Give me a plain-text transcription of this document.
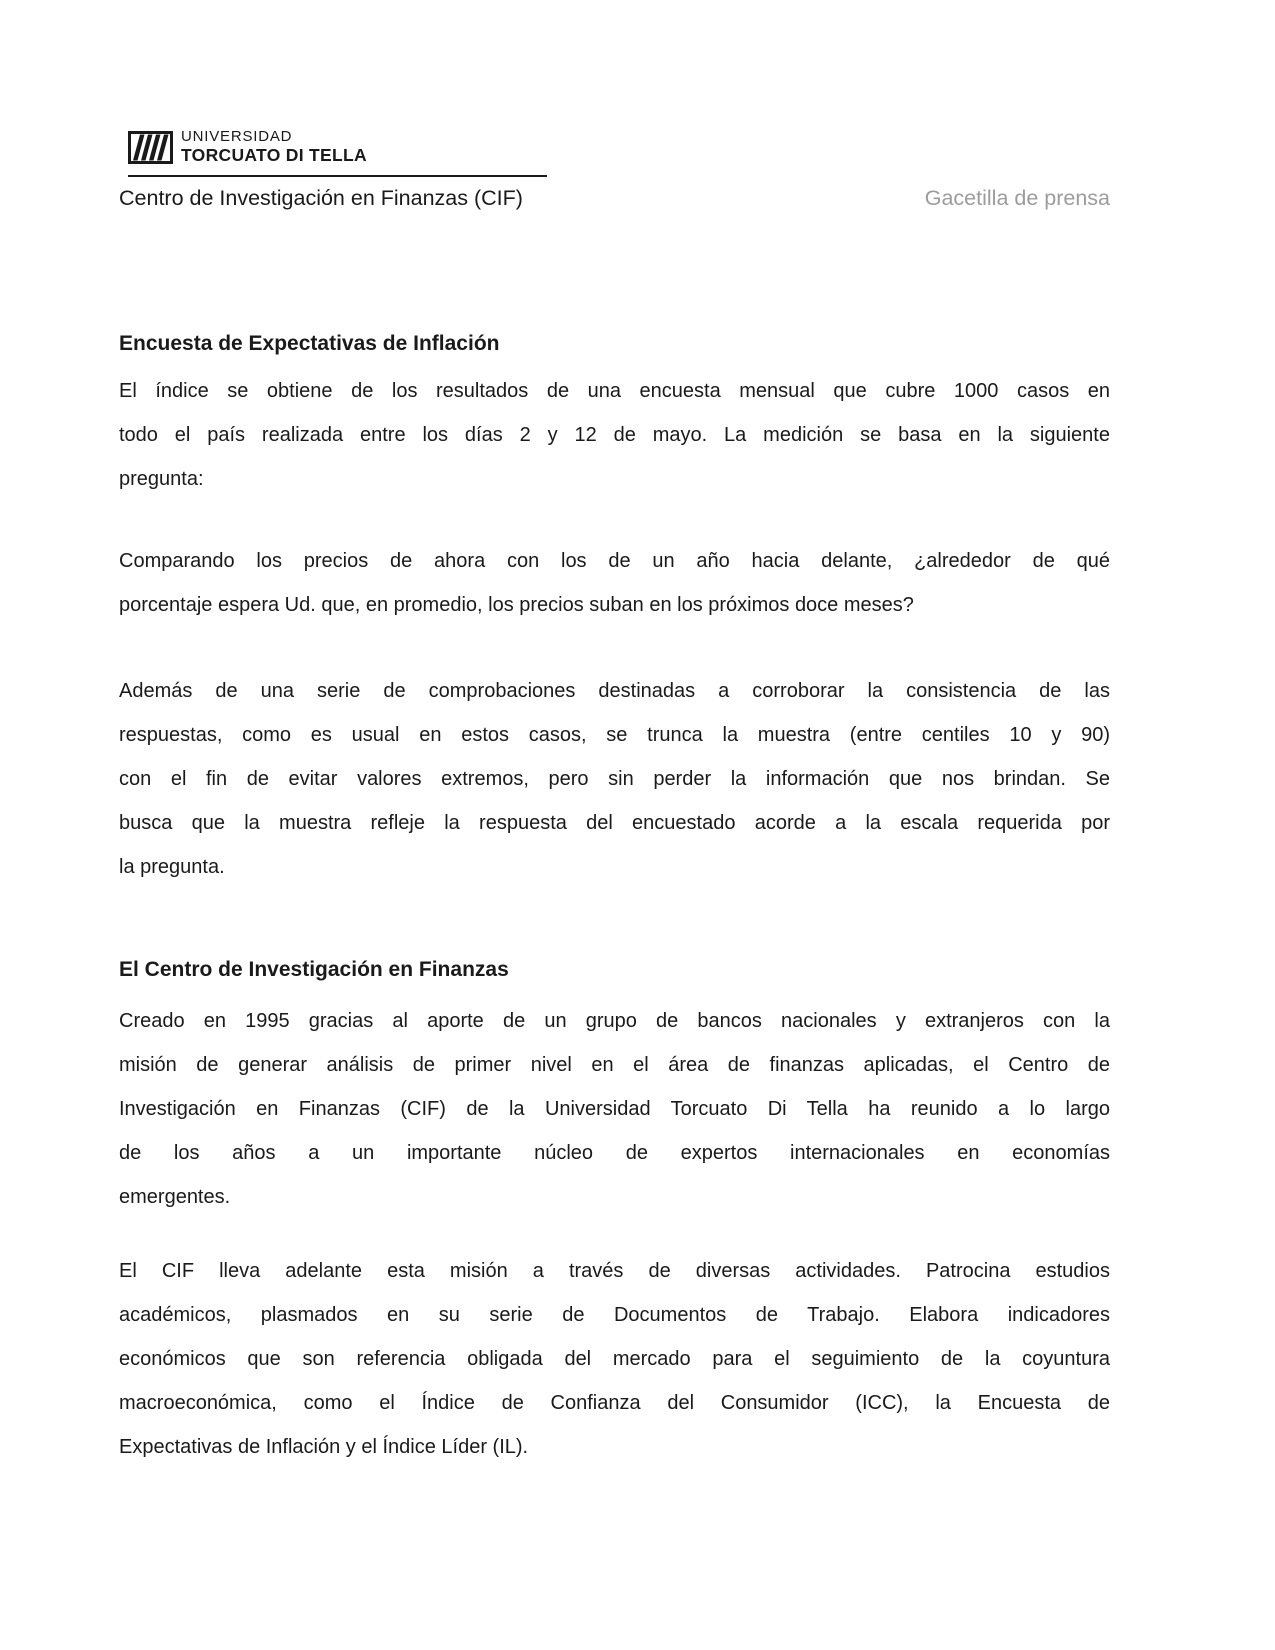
UNIVERSIDAD
TORCUATO DI TELLA
Centro de Investigación en Finanzas (CIF)	Gacetilla de prensa
Encuesta de Expectativas de Inflación
El índice se obtiene de los resultados de una encuesta mensual que cubre 1000 casos en
todo el país realizada entre los días 2 y 12 de mayo. La medición se basa en la siguiente
pregunta:
Comparando los precios de ahora con los de un año hacia delante, ¿alrededor de qué
porcentaje espera Ud. que, en promedio, los precios suban en los próximos doce meses?
Además de una serie de comprobaciones destinadas a corroborar la consistencia de las
respuestas, como es usual en estos casos, se trunca la muestra (entre centiles 10 y 90)
con el fin de evitar valores extremos, pero sin perder la información que nos brindan. Se
busca que la muestra refleje la respuesta del encuestado acorde a la escala requerida por
la pregunta.
El Centro de Investigación en Finanzas
Creado en 1995 gracias al aporte de un grupo de bancos nacionales y extranjeros con la
misión de generar análisis de primer nivel en el área de finanzas aplicadas, el Centro de
Investigación en Finanzas (CIF) de la Universidad Torcuato Di Tella ha reunido a lo largo
de los años a un importante núcleo de expertos internacionales en economías
emergentes.
El CIF lleva adelante esta misión a través de diversas actividades. Patrocina estudios
académicos, plasmados en su serie de Documentos de Trabajo. Elabora indicadores
económicos que son referencia obligada del mercado para el seguimiento de la coyuntura
macroeconómica, como el Índice de Confianza del Consumidor (ICC), la Encuesta de
Expectativas de Inflación y el Índice Líder (IL).
